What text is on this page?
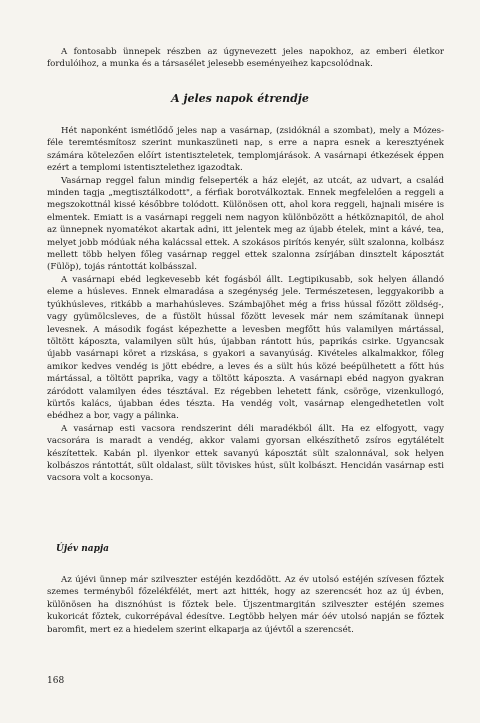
A fontosabb ünnepek részben az úgynevezett jeles napokhoz, az emberi életkor fordulóihoz, a munka és a társasélet jelesebb eseményeihez kapcsolódnak.

A jeles napok étrendje

Hét naponként ismétlődő jeles nap a vasárnap, (zsidóknál a szombat), mely a Mózes-féle teremtésmítosz szerint munkaszüneti nap, s erre a napra esnek a keresztyének számára kötelezően előírt istentiszteletek, templomjárások. A vasárnapi étkezések éppen ezért a templomi istentisztelethez igazodtak.

Vasárnap reggel falun mindig felseperték a ház elejét, az utcát, az udvart, a család minden tagja „megtisztálkodott", a férfiak borotválkoztak. Ennek megfelelően a reggeli a megszokottnál kissé későbbre tolódott. Különösen ott, ahol kora reggeli, hajnali misére is elmentek. Emiatt is a vasárnapi reggeli nem nagyon különbözött a hétköznapitól, de ahol az ünnepnek nyomatékot akartak adni, itt jelentek meg az újabb ételek, mint a kávé, tea, melyet jobb módúak néha kalácssal ettek. A szokásos pirítós kenyér, sült szalonna, kolbász mellett több helyen főleg vasárnap reggel ettek szalonna zsírjában dinsztelt káposztát (Fülöp), tojás rántottát kolbásszal.

A vasárnapi ebéd legkevesebb két fogásból állt. Legtipikusabb, sok helyen állandó eleme a húsleves. Ennek elmaradása a szegénység jele. Természetesen, leggyakoribb a tyúkhúsleves, ritkább a marhahúsleves. Számbajöhet még a friss hússal főzött zöldség-, vagy gyümölcsleves, de a füstölt hússal főzött levesek már nem számítanak ünnepi levesnek. A második fogást képezhette a levesben megfőtt hús valamilyen mártással, töltött káposzta, valamilyen sült hús, újabban rántott hús, paprikás csirke. Ugyancsak újabb vasárnapi köret a rizskása, s gyakori a savanyúság. Kivételes alkalmakkor, főleg amikor kedves vendég is jött ebédre, a leves és a sült hús közé beépülhetett a főtt hús mártással, a töltött paprika, vagy a töltött káposzta. A vasárnapi ebéd nagyon gyakran záródott valamilyen édes tésztával. Ez régebben lehetett fánk, csöröge, vizenkullogó, kürtős kalács, újabban édes tészta. Ha vendég volt, vasárnap elengedhetetlen volt ebédhez a bor, vagy a pálinka.

A vasárnap esti vacsora rendszerint déli maradékból állt. Ha ez elfogyott, vagy vacsorára is maradt a vendég, akkor valami gyorsan elkészíthető zsíros egytálételt készítettek. Kabán pl. ilyenkor ettek savanyú káposztát sült szalonnával, sok helyen kolbászos rántottát, sült oldalast, sült töviskes húst, sült kolbászt. Hencidán vasárnap esti vacsora volt a kocsonya.

Újév napja

Az újévi ünnep már szilveszter estéjén kezdődött. Az év utolsó estéjén szívesen főztek szemes terményből főzelékfélét, mert azt hitték, hogy az szerencsét hoz az új évben, különösen ha disznóhúst is főztek bele. Újszentmargitán szilveszter estéjén szemes kukoricát főztek, cukorrépával édesítve. Legtöbb helyen már óév utolsó napján se főztek baromfit, mert ez a hiedelem szerint elkaparja az újévtől a szerencsét.

168
